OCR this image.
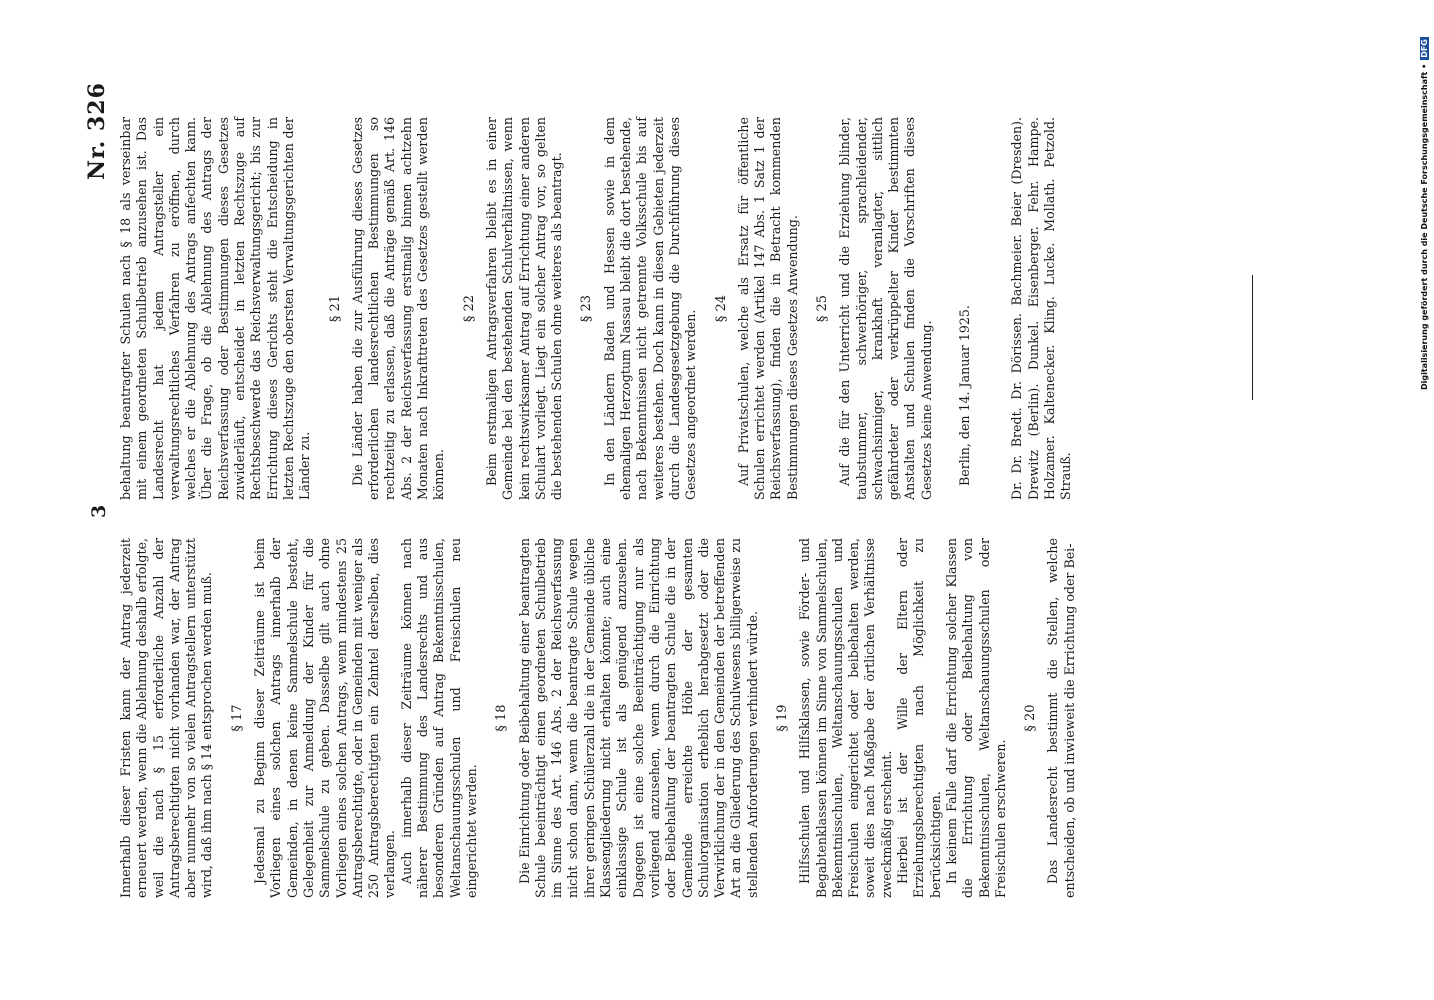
3
Nr. 326

Innerhalb dieser Fristen kann der Antrag jederzeit erneuert werden, wenn die Ablehnung deshalb erfolgte, weil die nach § 15 erforderliche Anzahl der Antragsberechtigten nicht vorhanden war, der Antrag aber nunmehr von so vielen Antragstellern unterstützt wird, daß ihm nach § 14 entsprochen werden muß. § 17 Jedesmal zu Beginn dieser Zeiträume ist beim Vorliegen eines solchen Antrags innerhalb der Gemeinden, in denen keine Sammelschule besteht, Gelegenheit zur Anmeldung der Kinder für die Sammelschule zu geben. Dasselbe gilt auch ohne Vorliegen eines solchen Antrags, wenn mindestens 25 Antragsberechtigte, oder in Gemeinden mit weniger als 250 Antragsberechtigten ein Zehntel derselben, dies verlangen. Auch innerhalb dieser Zeiträume können nach näherer Bestimmung des Landesrechts und aus besonderen Gründen auf Antrag Bekenntnisschulen, Weltanschauungsschulen und Freischulen neu eingerichtet werden.

§ 18 Die Einrichtung oder Beibehaltung einer beantragten Schule beeinträchtigt einen geordneten Schulbetrieb im Sinne des Art. 146 Abs. 2 der Reichsverfassung nicht schon dann, wenn die beantragte Schule wegen ihrer geringen Schülerzahl die in der Gemeinde übliche Klassengliederung nicht erhalten könnte; auch eine einklassige Schule ist als genügend anzusehen. Dagegen ist eine solche Beeinträchtigung nur als vorliegend anzusehen, wenn durch die Einrichtung oder Beibehaltung der beantragten Schule die in der Gemeinde erreichte Höhe der gesamten Schulorganisation erheblich herabgesetzt oder die Verwirklichung der in den Gemeinden der betreffenden Art an die Gliederung des Schulwesens billigerweise zu stellenden Anforderungen verhindert würde. § 19 Hilfsschulen und Hilfsklassen, sowie Förder- und Begabtenklassen können im Sinne von Sammelschulen, Bekenntnisschulen, Weltanschauungsschulen und Freischulen eingerichtet oder beibehalten werden, soweit dies nach Maßgabe der örtlichen Verhältnisse zweckmäßig erscheint. Hierbei ist der Wille der Eltern oder Erziehungsberechtigten nach Möglichkeit zu berücksichtigen. In keinem Falle darf die Errichtung solcher Klassen die Errichtung oder Beibehaltung von Bekenntnisschulen, Weltanschauungsschulen oder Freischulen erschweren.

§ 20 Das Landesrecht bestimmt die Stellen, welche entscheiden, ob und inwieweit die Errichtung oder Bei-

behaltung beantragter Schulen nach § 18 als verseinbar mit einem geordneten Schulbetrieb anzusehen ist. Das Landesrecht hat jedem Antragsteller ein verwaltungsrechtliches Verfahren zu eröffnen, durch welches er die Ablehnung des Antrags anfechten kann. Über die Frage, ob die Ablehnung des Antrags der Reichsverfassung oder Bestimmungen dieses Gesetzes zuwiderläuft, entscheidet in letzten Rechtszuge auf Rechtsbeschwerde das Reichsverwaltungsgericht; bis zur Errichtung dieses Gerichts steht die Entscheidung in letzten Rechtszuge den obersten Verwaltungsgerichten der Länder zu.

§ 21 Die Länder haben die zur Ausführung dieses Gesetzes erforderlichen landesrechtlichen Bestimmungen so rechtzeitig zu erlassen, daß die Anträge gemäß Art. 146 Abs. 2 der Reichsverfassung erstmalig binnen achtzehn Monaten nach Inkrafttreten des Gesetzes gestellt werden können.

§ 22 Beim erstmaligen Antragsverfahren bleibt es in einer Gemeinde bei den bestehenden Schulverhältnissen, wenn kein rechtswirksamer Antrag auf Errichtung einer anderen Schulart vorliegt. Liegt ein solcher Antrag vor, so gelten die bestehenden Schulen ohne weiteres als beantragt. § 23 In den Ländern Baden und Hessen sowie in dem ehemaligen Herzogtum Nassau bleibt die dort bestehende, nach Bekenntnissen nicht getrennte Volksschule bis auf weiteres bestehen. Doch kann in diesen Gebieten jederzeit durch die Landesgesetzgebung die Durchführung dieses Gesetzes angeordnet werden.

§ 24 Auf Privatschulen, welche als Ersatz für öffentliche Schulen errichtet werden (Artikel 147 Abs. 1 Satz 1 der Reichsverfassung), finden die in Betracht kommenden Bestimmungen dieses Gesetzes Anwendung. § 25 Auf die für den Unterricht und die Erziehung blinder, taubstummer, schwerhöriger, sprachleidender, schwachsinniger, krankhaft veranlagter, sittlich gefährdeter oder verkrüppelter Kinder bestimmten Anstalten und Schulen finden die Vorschriften dieses Gesetzes keine Anwendung. Berlin, den 14. Januar 1925.	Dr. Dr. Bredt. Dr. Dörissen. Bachmeier. Beier (Dresden). Drewitz (Berlin). Dunkel. Eisenberger. Fehr. Hampe. Holzamer. Kaltenecker. Kling. Lucke. Mollath. Petzold. Strauß.

Digitalisierung gefördert durch die Deutsche Forschungsgemeinschaft •DFG
